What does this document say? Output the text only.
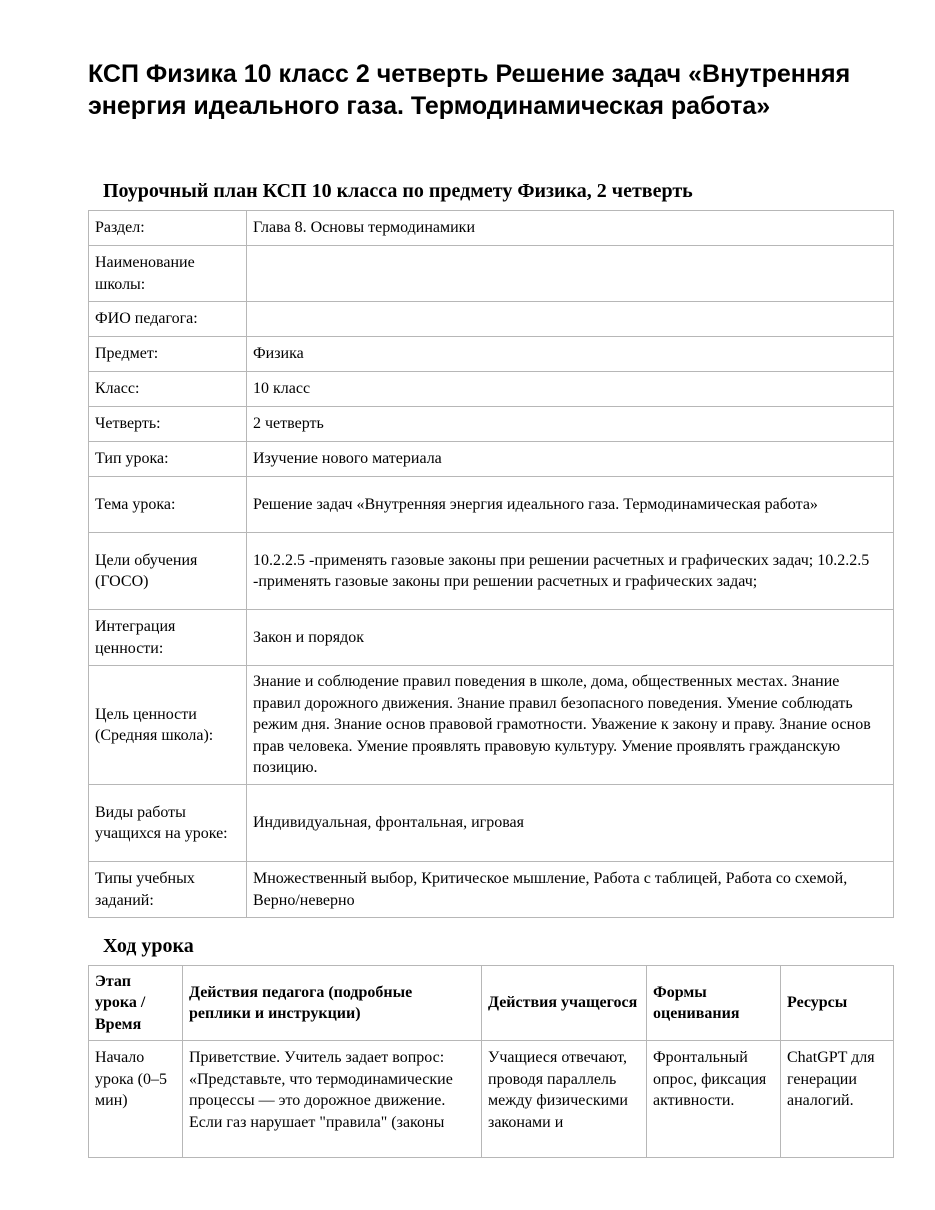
КСП Физика 10 класс 2 четверть Решение задач «Внутренняя энергия идеального газа. Термодинамическая работа»
Поурочный план КСП 10 класса по предмету Физика, 2 четверть
Раздел:	Глава 8. Основы термодинамики
Наименование школы:	
ФИО педагога:	
Предмет:	Физика
Класс:	10 класс
Четверть:	2 четверть
Тип урока:	Изучение нового материала
Тема урока:	Решение задач «Внутренняя энергия идеального газа. Термодинамическая работа»
Цели обучения (ГОСО)	10.2.2.5 -применять газовые законы при решении расчетных и графических задач; 10.2.2.5 -применять газовые законы при решении расчетных и графических задач;
Интеграция ценности:	Закон и порядок
Цель ценности (Средняя школа):	Знание и соблюдение правил поведения в школе, дома, общественных местах. Знание правил дорожного движения. Знание правил безопасного поведения. Умение соблюдать режим дня. Знание основ правовой грамотности. Уважение к закону и праву. Знание основ прав человека. Умение проявлять правовую культуру. Умение проявлять гражданскую позицию.
Виды работы учащихся на уроке:	Индивидуальная, фронтальная, игровая
Типы учебных заданий:	Множественный выбор, Критическое мышление, Работа с таблицей, Работа со схемой, Верно/неверно
Ход урока
Этап урока / Время	Действия педагога (подробные реплики и инструкции)	Действия учащегося	Формы оценивания	Ресурсы

Начало урока (0–5 мин)	Приветствие. Учитель задает вопрос: «Представьте, что термодинамические процессы — это дорожное движение. Если газ нарушает "правила" (законы	Учащиеся отвечают, проводя параллель между физическими законами и	Фронтальный опрос, фиксация активности.	ChatGPT для генерации аналогий.
